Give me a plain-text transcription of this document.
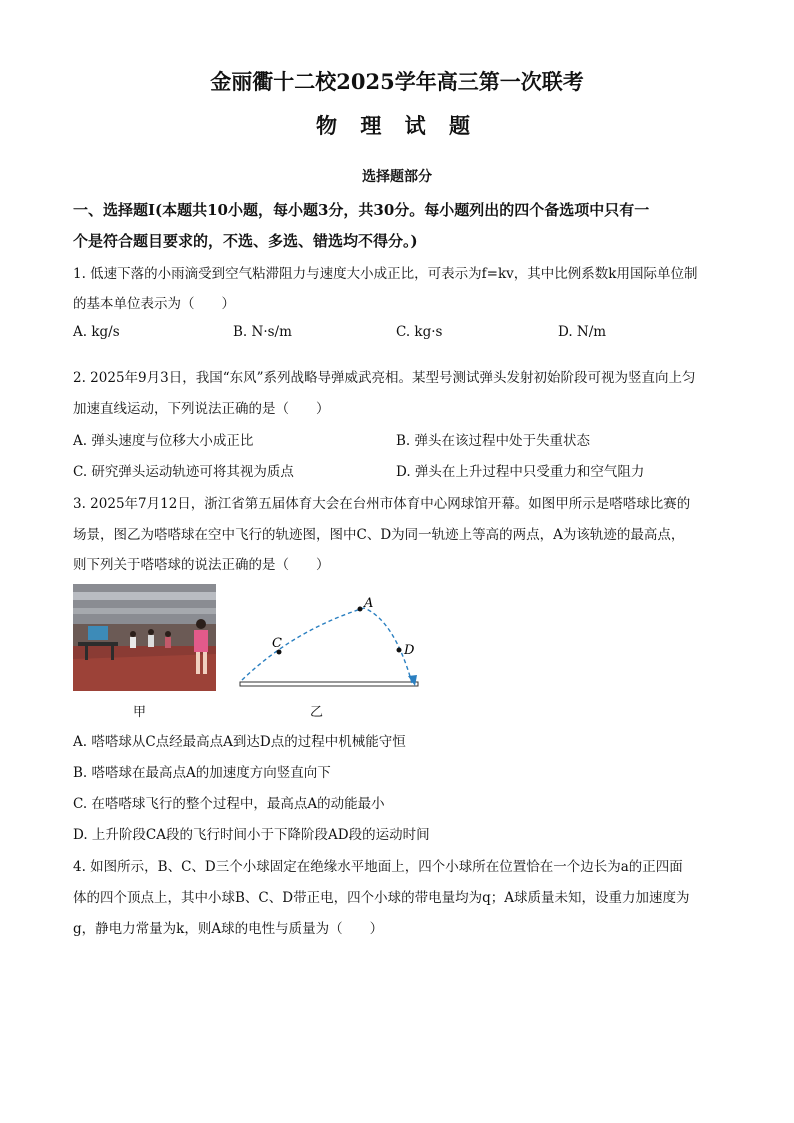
金丽衢十二校2025学年高三第一次联考
物 理 试 题
选择题部分
一、选择题Ⅰ(本题共10小题，每小题3分，共30分。每小题列出的四个备选项中只有一
个是符合题目要求的，不选、多选、错选均不得分。)
1. 低速下落的小雨滴受到空气粘滞阻力与速度大小成正比，可表示为f=kv，其中比例系数k用国际单位制
的基本单位表示为（　　）
A. kg/s	B. N·s/m	C. kg·s	D. N/m
2. 2025年9月3日，我国“东风”系列战略导弹威武亮相。某型号测试弹头发射初始阶段可视为竖直向上匀
加速直线运动，下列说法正确的是（　　）
A. 弹头速度与位移大小成正比	B. 弹头在该过程中处于失重状态
C. 研究弹头运动轨迹可将其视为质点	D. 弹头在上升过程中只受重力和空气阻力
3. 2025年7月12日，浙江省第五届体育大会在台州市体育中心网球馆开幕。如图甲所示是嗒嗒球比赛的
场景，图乙为嗒嗒球在空中飞行的轨迹图，图中C、D为同一轨迹上等高的两点，A为该轨迹的最高点，
则下列关于嗒嗒球的说法正确的是（　　）
C
A
D
甲	乙
A. 嗒嗒球从C点经最高点A到达D点的过程中机械能守恒
B. 嗒嗒球在最高点A的加速度方向竖直向下
C. 在嗒嗒球飞行的整个过程中，最高点A的动能最小
D. 上升阶段CA段的飞行时间小于下降阶段AD段的运动时间
4. 如图所示，B、C、D三个小球固定在绝缘水平地面上，四个小球所在位置恰在一个边长为a的正四面
体的四个顶点上，其中小球B、C、D带正电，四个小球的带电量均为q；A球质量未知，设重力加速度为
g，静电力常量为k，则A球的电性与质量为（　　）
